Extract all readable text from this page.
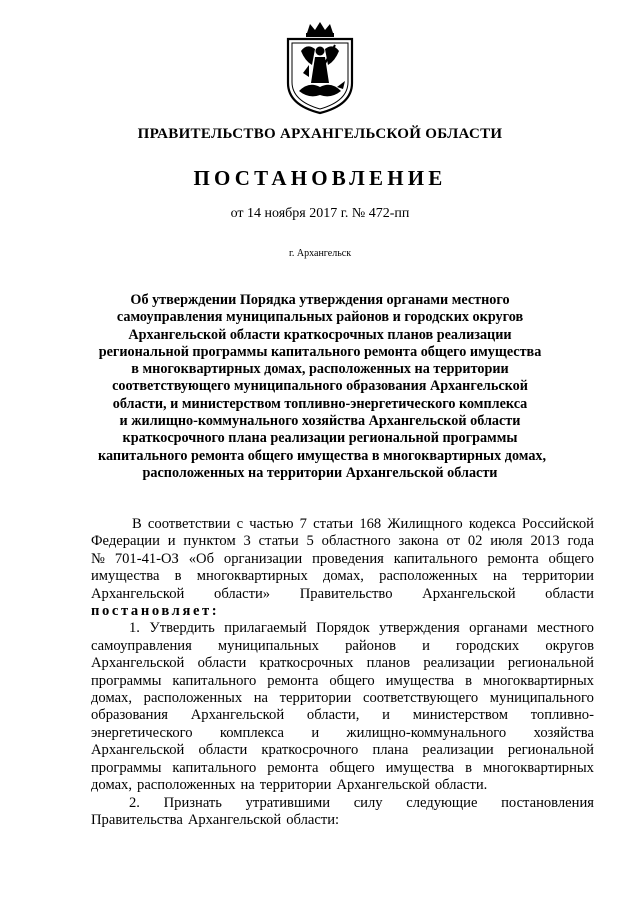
ПРАВИТЕЛЬСТВО АРХАНГЕЛЬСКОЙ ОБЛАСТИ
ПОСТАНОВЛЕНИЕ
от 14 ноября 2017 г. № 472-пп
г. Архангельск
Об утверждении Порядка утверждения органами местного
самоуправления муниципальных районов и городских округов
Архангельской области краткосрочных планов реализации
региональной программы капитального ремонта общего имущества
в многоквартирных домах, расположенных на территории
соответствующего муниципального образования Архангельской
области, и министерством топливно-энергетического комплекса
и жилищно-коммунального хозяйства Архангельской области
краткосрочного плана реализации региональной программы
капитального ремонта общего имущества в многоквартирных домах,
расположенных на территории Архангельской области
В соответствии с частью 7 статьи 168 Жилищного кодекса Российской
Федерации и пунктом 3 статьи 5 областного закона от 02 июля 2013 года
№ 701-41-ОЗ «Об организации проведения капитального ремонта общего
имущества в многоквартирных домах, расположенных на территории
Архангельской области» Правительство Архангельской области
постановляет:
1. Утвердить прилагаемый Порядок утверждения органами местного
самоуправления муниципальных районов и городских округов
Архангельской области краткосрочных планов реализации региональной
программы капитального ремонта общего имущества в многоквартирных
домах, расположенных на территории соответствующего муниципального
образования Архангельской области, и министерством топливно-
энергетического комплекса и жилищно-коммунального хозяйства
Архангельской области краткосрочного плана реализации региональной
программы капитального ремонта общего имущества в многоквартирных
домах, расположенных на территории Архангельской области.
2. Признать утратившими силу следующие постановления
Правительства Архангельской области:
